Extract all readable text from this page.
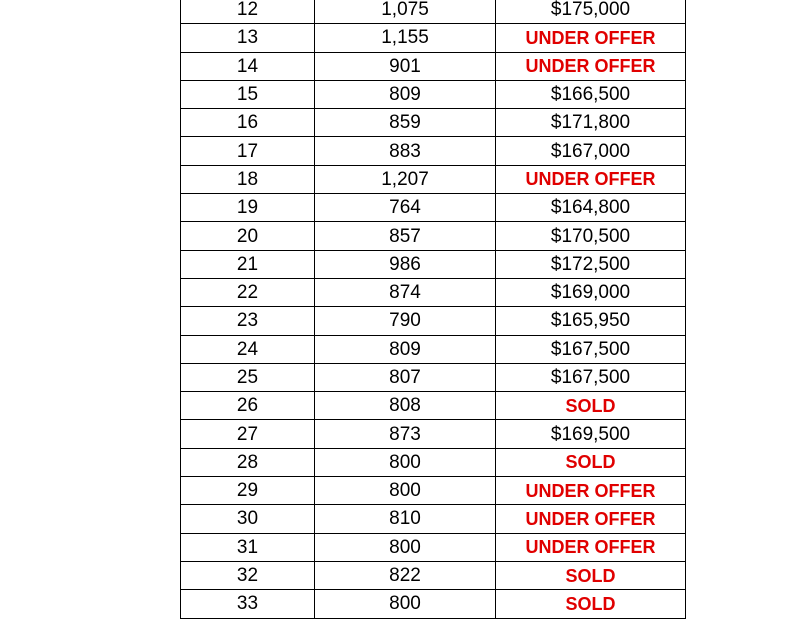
12	1,075	$175,000
13	1,155	UNDER OFFER
14	901	UNDER OFFER
15	809	$166,500
16	859	$171,800
17	883	$167,000
18	1,207	UNDER OFFER
19	764	$164,800
20	857	$170,500
21	986	$172,500
22	874	$169,000
23	790	$165,950
24	809	$167,500
25	807	$167,500
26	808	SOLD
27	873	$169,500
28	800	SOLD
29	800	UNDER OFFER
30	810	UNDER OFFER
31	800	UNDER OFFER
32	822	SOLD
33	800	SOLD
